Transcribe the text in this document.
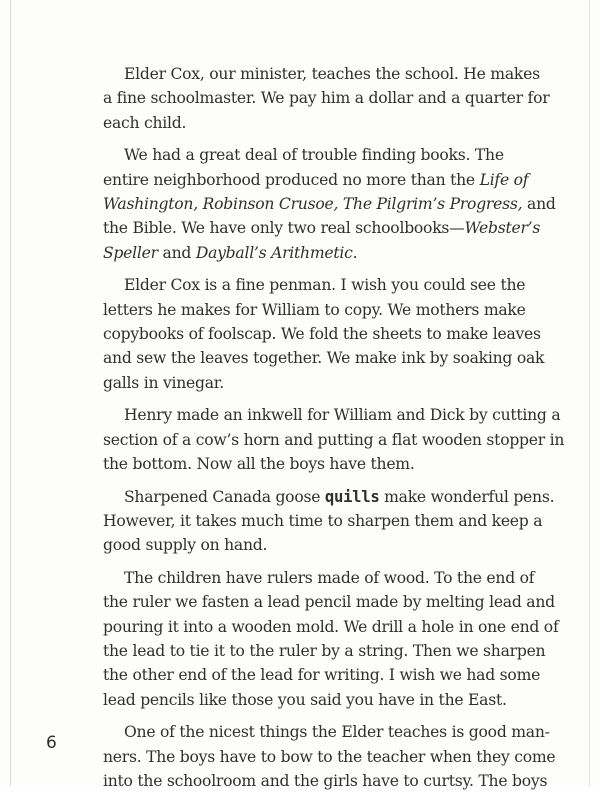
Elder Cox, our minister, teaches the school. He makes
a fine schoolmaster. We pay him a dollar and a quarter for
each child.

We had a great deal of trouble finding books. The
entire neighborhood produced no more than the Life of
Washington, Robinson Crusoe, The Pilgrim’s Progress, and
the Bible. We have only two real schoolbooks—Webster’s
Speller and Dayball’s Arithmetic.

Elder Cox is a fine penman. I wish you could see the
letters he makes for William to copy. We mothers make
copybooks of foolscap. We fold the sheets to make leaves
and sew the leaves together. We make ink by soaking oak
galls in vinegar.

Henry made an inkwell for William and Dick by cutting a
section of a cow’s horn and putting a flat wooden stopper in
the bottom. Now all the boys have them.

Sharpened Canada goose quills make wonderful pens.
However, it takes much time to sharpen them and keep a
good supply on hand.

The children have rulers made of wood. To the end of
the ruler we fasten a lead pencil made by melting lead and
pouring it into a wooden mold. We drill a hole in one end of
the lead to tie it to the ruler by a string. Then we sharpen
the other end of the lead for writing. I wish we had some
lead pencils like those you said you have in the East.

One of the nicest things the Elder teaches is good man-
ners. The boys have to bow to the teacher when they come
into the schoolroom and the girls have to curtsy. The boys

6
